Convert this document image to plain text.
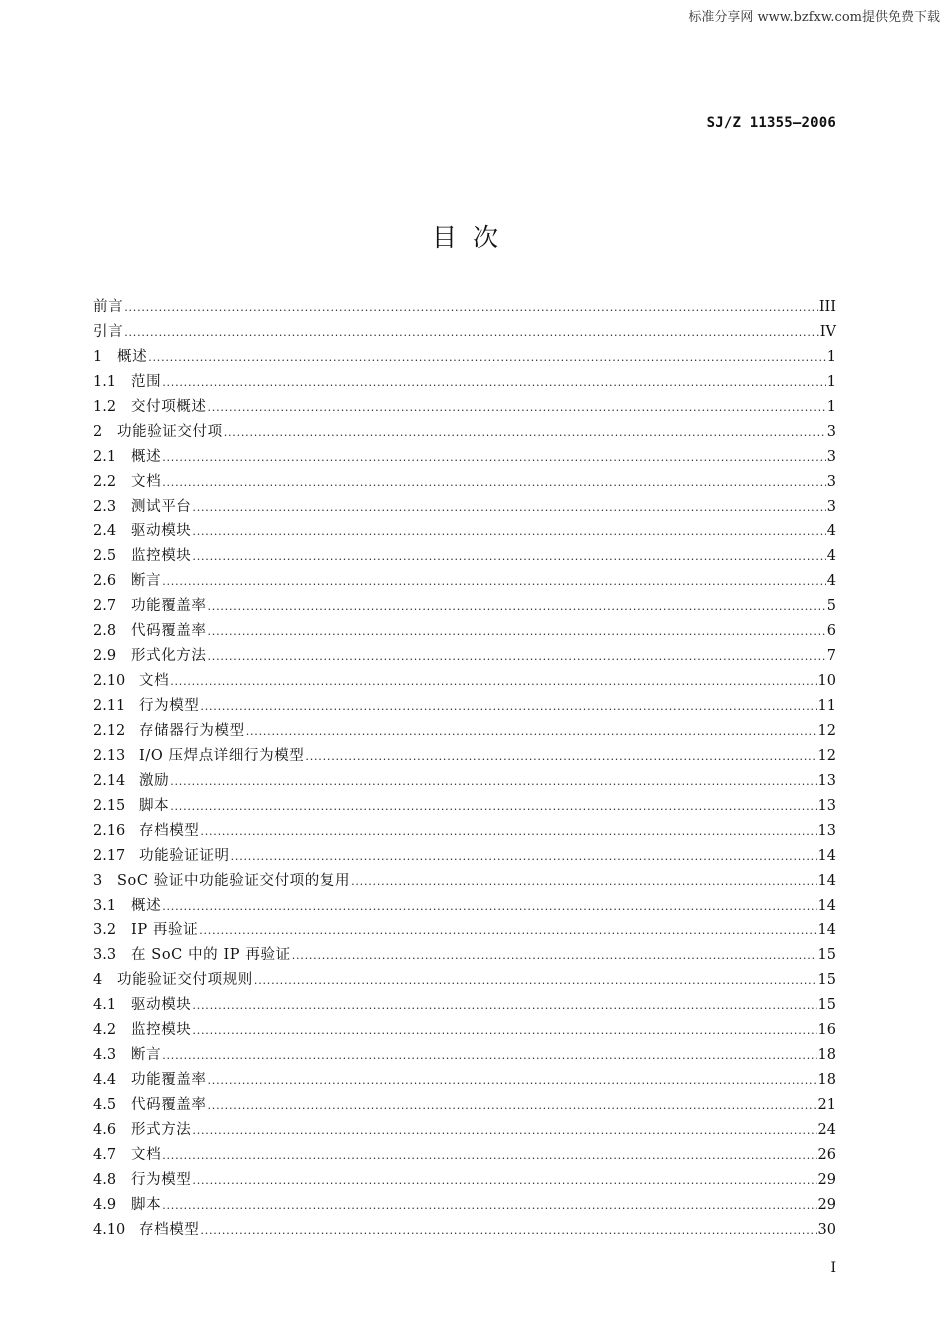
标准分享网 www.bzfxw.com提供免费下载
SJ/Z 11355—2006
目  次
前言 .....	III
引言 .....	IV
1	概述 .....	1
1.1	范围 .....	1
1.2	交付项概述 .....	1
2	功能验证交付项 .....	3
2.1	概述 .....	3
2.2	文档 .....	3
2.3	测试平台 .....	3
2.4	驱动模块 .....	4
2.5	监控模块 .....	4
2.6	断言 .....	4
2.7	功能覆盖率 .....	5
2.8	代码覆盖率 .....	6
2.9	形式化方法 .....	7
2.10 文档 .....	10
2.11 行为模型 .....	11
2.12 存储器行为模型 .....	12
2.13 I/O 压焊点详细行为模型 .....	12
2.14 激励 .....	13
2.15 脚本 .....	13
2.16 存档模型 .....	13
2.17 功能验证证明 .....	14
3	SoC 验证中功能验证交付项的复用 .....	14
3.1	概述 .....	14
3.2	IP 再验证 .....	14
3.3	在 SoC 中的 IP 再验证 .....	15
4	功能验证交付项规则 .....	15
4.1	驱动模块 .....	15
4.2	监控模块 .....	16
4.3	断言 .....	18
4.4	功能覆盖率 .....	18
4.5	代码覆盖率 .....	21
4.6	形式方法 .....	24
4.7	文档 .....	26
4.8	行为模型 .....	29
4.9	脚本 .....	29
4.10 存档模型 .....	30
I
